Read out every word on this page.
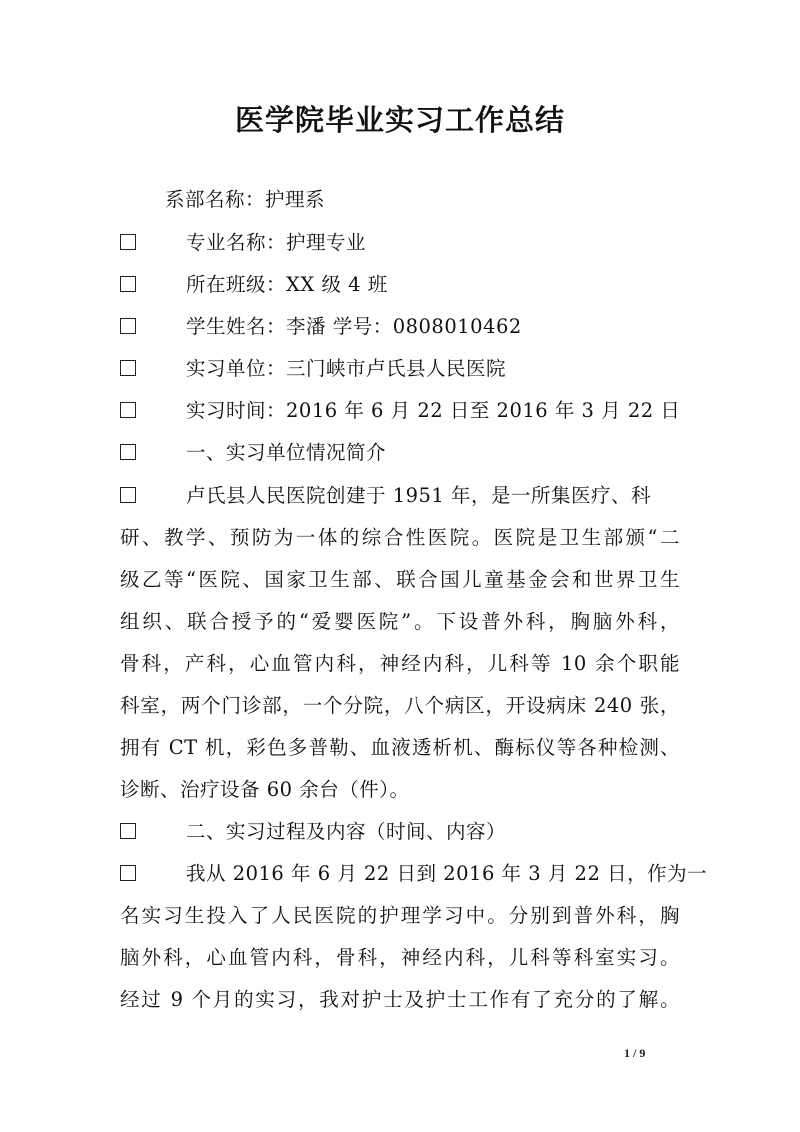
医学院毕业实习工作总结
系部名称：护理系
专业名称：护理专业
所在班级：XX 级 4 班
学生姓名：李潘 学号：0808010462
实习单位：三门峡市卢氏县人民医院
实习时间：2016 年 6 月 22 日至 2016 年 3 月 22 日
一、实习单位情况简介
卢氏县人民医院创建于 1951 年，是一所集医疗、科
研、教学、预防为一体的综合性医院。医院是卫生部颁“二
级乙等“医院、国家卫生部、联合国儿童基金会和世界卫生
组织、联合授予的“爱婴医院”。下设普外科，胸脑外科，
骨科，产科，心血管内科，神经内科，儿科等 10 余个职能
科室，两个门诊部，一个分院，八个病区，开设病床 240 张，
拥有 CT 机，彩色多普勒、血液透析机、酶标仪等各种检测、
诊断、治疗设备 60 余台（件）。
二、实习过程及内容（时间、内容）
我从 2016 年 6 月 22 日到 2016 年 3 月 22 日，作为一
名实习生投入了人民医院的护理学习中。分别到普外科，胸
脑外科，心血管内科，骨科，神经内科，儿科等科室实习。
经过 9 个月的实习，我对护士及护士工作有了充分的了解。
1 / 9
